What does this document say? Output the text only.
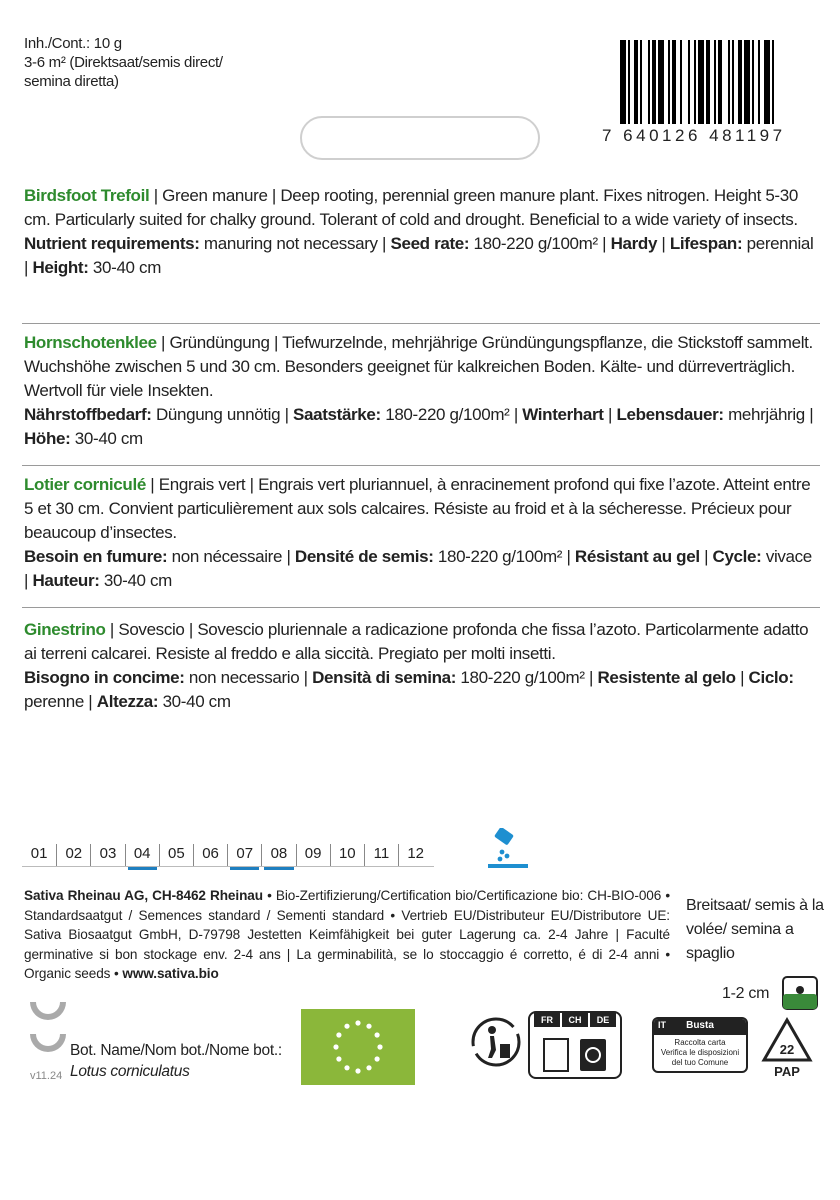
Inh./Cont.: 10 g
3-6 m² (Direktsaat/semis direct/
semina diretta)
7 640126 481197
Birdsfoot Trefoil | Green manure | Deep rooting, perennial green manure plant. Fixes nitrogen. Height 5-30 cm. Particularly suited for chalky ground. Tolerant of cold and drought. Beneficial to a wide variety of insects.
Nutrient requirements: manuring not necessary | Seed rate: 180-220 g/100m² | Hardy | Lifespan: perennial | Height: 30-40 cm
Hornschotenklee | Gründüngung | Tiefwurzelnde, mehrjährige Gründüngungspflanze, die Stickstoff sammelt. Wuchshöhe zwischen 5 und 30 cm. Besonders geeignet für kalkreichen Boden. Kälte- und dürreverträglich. Wertvoll für viele Insekten.
Nährstoffbedarf: Düngung unnötig | Saatstärke: 180-220 g/100m² | Winterhart | Lebensdauer: mehrjährig | Höhe: 30-40 cm
Lotier corniculé | Engrais vert | Engrais vert pluriannuel, à enracinement profond qui fixe l’azote. Atteint entre 5 et 30 cm. Convient particulièrement aux sols calcaires. Résiste au froid et à la sécheresse. Précieux pour beaucoup d’insectes.
Besoin en fumure: non nécessaire | Densité de semis: 180-220 g/100m² | Résistant au gel | Cycle: vivace | Hauteur: 30-40 cm
Ginestrino | Sovescio | Sovescio pluriennale a radicazione profonda che fissa l’azoto. Particolarmente adatto ai terreni calcarei. Resiste al freddo e alla siccità. Pregiato per molti insetti.
Bisogno in concime: non necessario | Densità di semina: 180-220 g/100m² | Resistente al gelo | Ciclo: perenne | Altezza: 30-40 cm
01	02	03	04	05	06	07	08	09	10	11	12
Sativa Rheinau AG, CH-8462 Rheinau • Bio-Zertifizierung/Certification bio/Certificazione bio: CH-BIO-006 • Standardsaatgut / Semences standard / Sementi standard • Vertrieb EU/Distributeur EU/Distributore UE: Sativa Biosaatgut GmbH, D-79798 Jestetten Keimfähigkeit bei guter Lagerung ca. 2-4 Jahre | Faculté germinative si bon stockage env. 2-4 ans | La germinabilità, se lo stoccaggio é corretto, é di 2-4 anni • Organic seeds • www.sativa.bio
Breitsaat/ semis à la volée/ semina a spaglio
1-2 cm
v11.24
Bot. Name/Nom bot./Nome bot.:
Lotus corniculatus
FR	CH	DE	IT	Busta
Raccolta carta
Verifica le disposizioni
del tuo Comune
22
PAP
